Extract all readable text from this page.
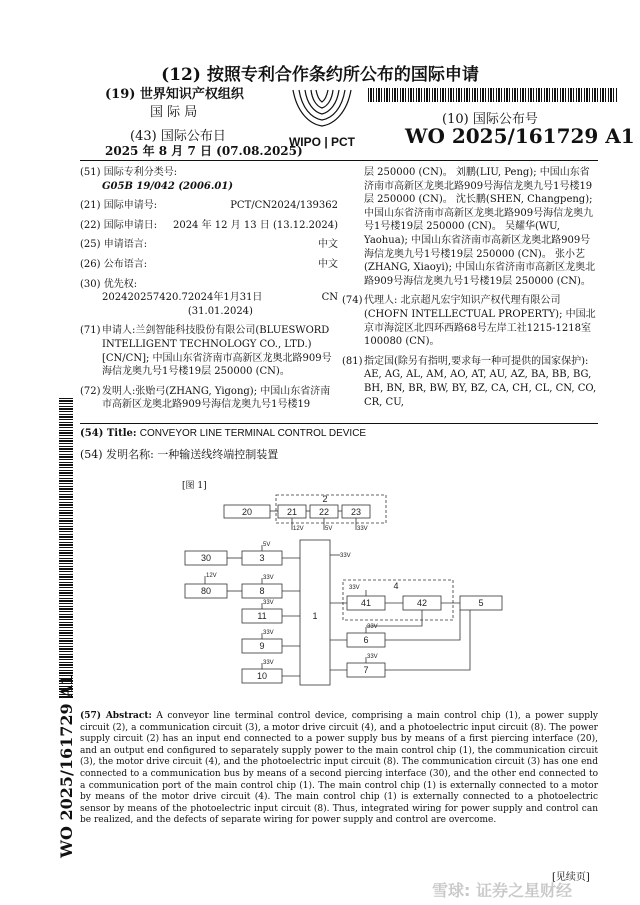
(12) 按照专利合作条约所公布的国际申请
(19) 世界知识产权组织
国 际 局
(43) 国际公布日
2025 年 8 月 7 日 (07.08.2025)
WIPO | PCT
(10) 国际公布号
WO 2025/161729 A1
(51) 国际专利分类号:
G05B 19/042 (2006.01)
(21) 国际申请号:	PCT/CN2024/139362
(22) 国际申请日: 2024 年 12 月 13 日 (13.12.2024)
(25) 申请语言:	中文
(26) 公布语言:	中文
(30) 优先权:
202420257420.7 2024年1月31日 (31.01.2024)
CN
(71) 申请人:兰剑智能科技股份有限公司(BLUESWORD INTELLIGENT TECHNOLOGY CO., LTD.) [CN/CN]; 中国山东省济南市高新区龙奥北路909号海信龙奥九号1号楼19层 250000 (CN)。
(72) 发明人:张贻弓(ZHANG, Yigong); 中国山东省济南市高新区龙奥北路909号海信龙奥九号1号楼19
层 250000 (CN)。 刘鹏(LIU, Peng); 中国山东省济南市高新区龙奥北路909号海信龙奥九号1号楼19层 250000 (CN)。 沈长鹏(SHEN, Changpeng); 中国山东省济南市高新区龙奥北路909号海信龙奥九号1号楼19层 250000 (CN)。 吴耀华(WU, Yaohua); 中国山东省济南市高新区龙奥北路909号海信龙奥九号1号楼19层 250000 (CN)。 张小艺(ZHANG, Xiaoyi); 中国山东省济南市高新区龙奥北路909号海信龙奥九号1号楼19层 250000 (CN)。
(74) 代理人: 北京超凡宏宇知识产权代理有限公司(CHOFN INTELLECTUAL PROPERTY); 中国北京市海淀区北四环西路68号左岸工社1215-1218室 100080 (CN)。
(81) 指定国(除另有指明,要求每一种可提供的国家保护): AE, AG, AL, AM, AO, AT, AU, AZ, BA, BB, BG, BH, BN, BR, BW, BY, BZ, CA, CH, CL, CN, CO, CR, CU,
(54) Title: CONVEYOR LINE TERMINAL CONTROL DEVICE
(54) 发明名称: 一种输送线终端控制装置
[图 1]
2
20	21 22 23
30	3
80	8
11
9
10
1
4
41	42	5
6
7
12V	5V	33V
5V
33V
12V	33V
33V
33V
33V
33V
33V
33V
(57) Abstract: A conveyor line terminal control device, comprising a main control chip (1), a power supply circuit (2), a communication circuit (3), a motor drive circuit (4), and a photoelectric input circuit (8). The power supply circuit (2) has an input end connected to a power supply bus by means of a first piercing interface (20), and an output end configured to separately supply power to the main control chip (1), the communication circuit (3), the motor drive circuit (4), and the photoelectric input circuit (8). The communication circuit (3) has one end connected to a communication bus by means of a second piercing interface (30), and the other end connected to a communication port of the main control chip (1). The main control chip (1) is externally connected to a motor by means of the motor drive circuit (4). The main control chip (1) is externally connected to a photoelectric sensor by means of the photoelectric input circuit (8). Thus, integrated wiring for power supply and control can be realized, and the defects of separate wiring for power supply and control are overcome.
WO 2025/161729 A1
[见续页]
雪球: 证券之星财经
